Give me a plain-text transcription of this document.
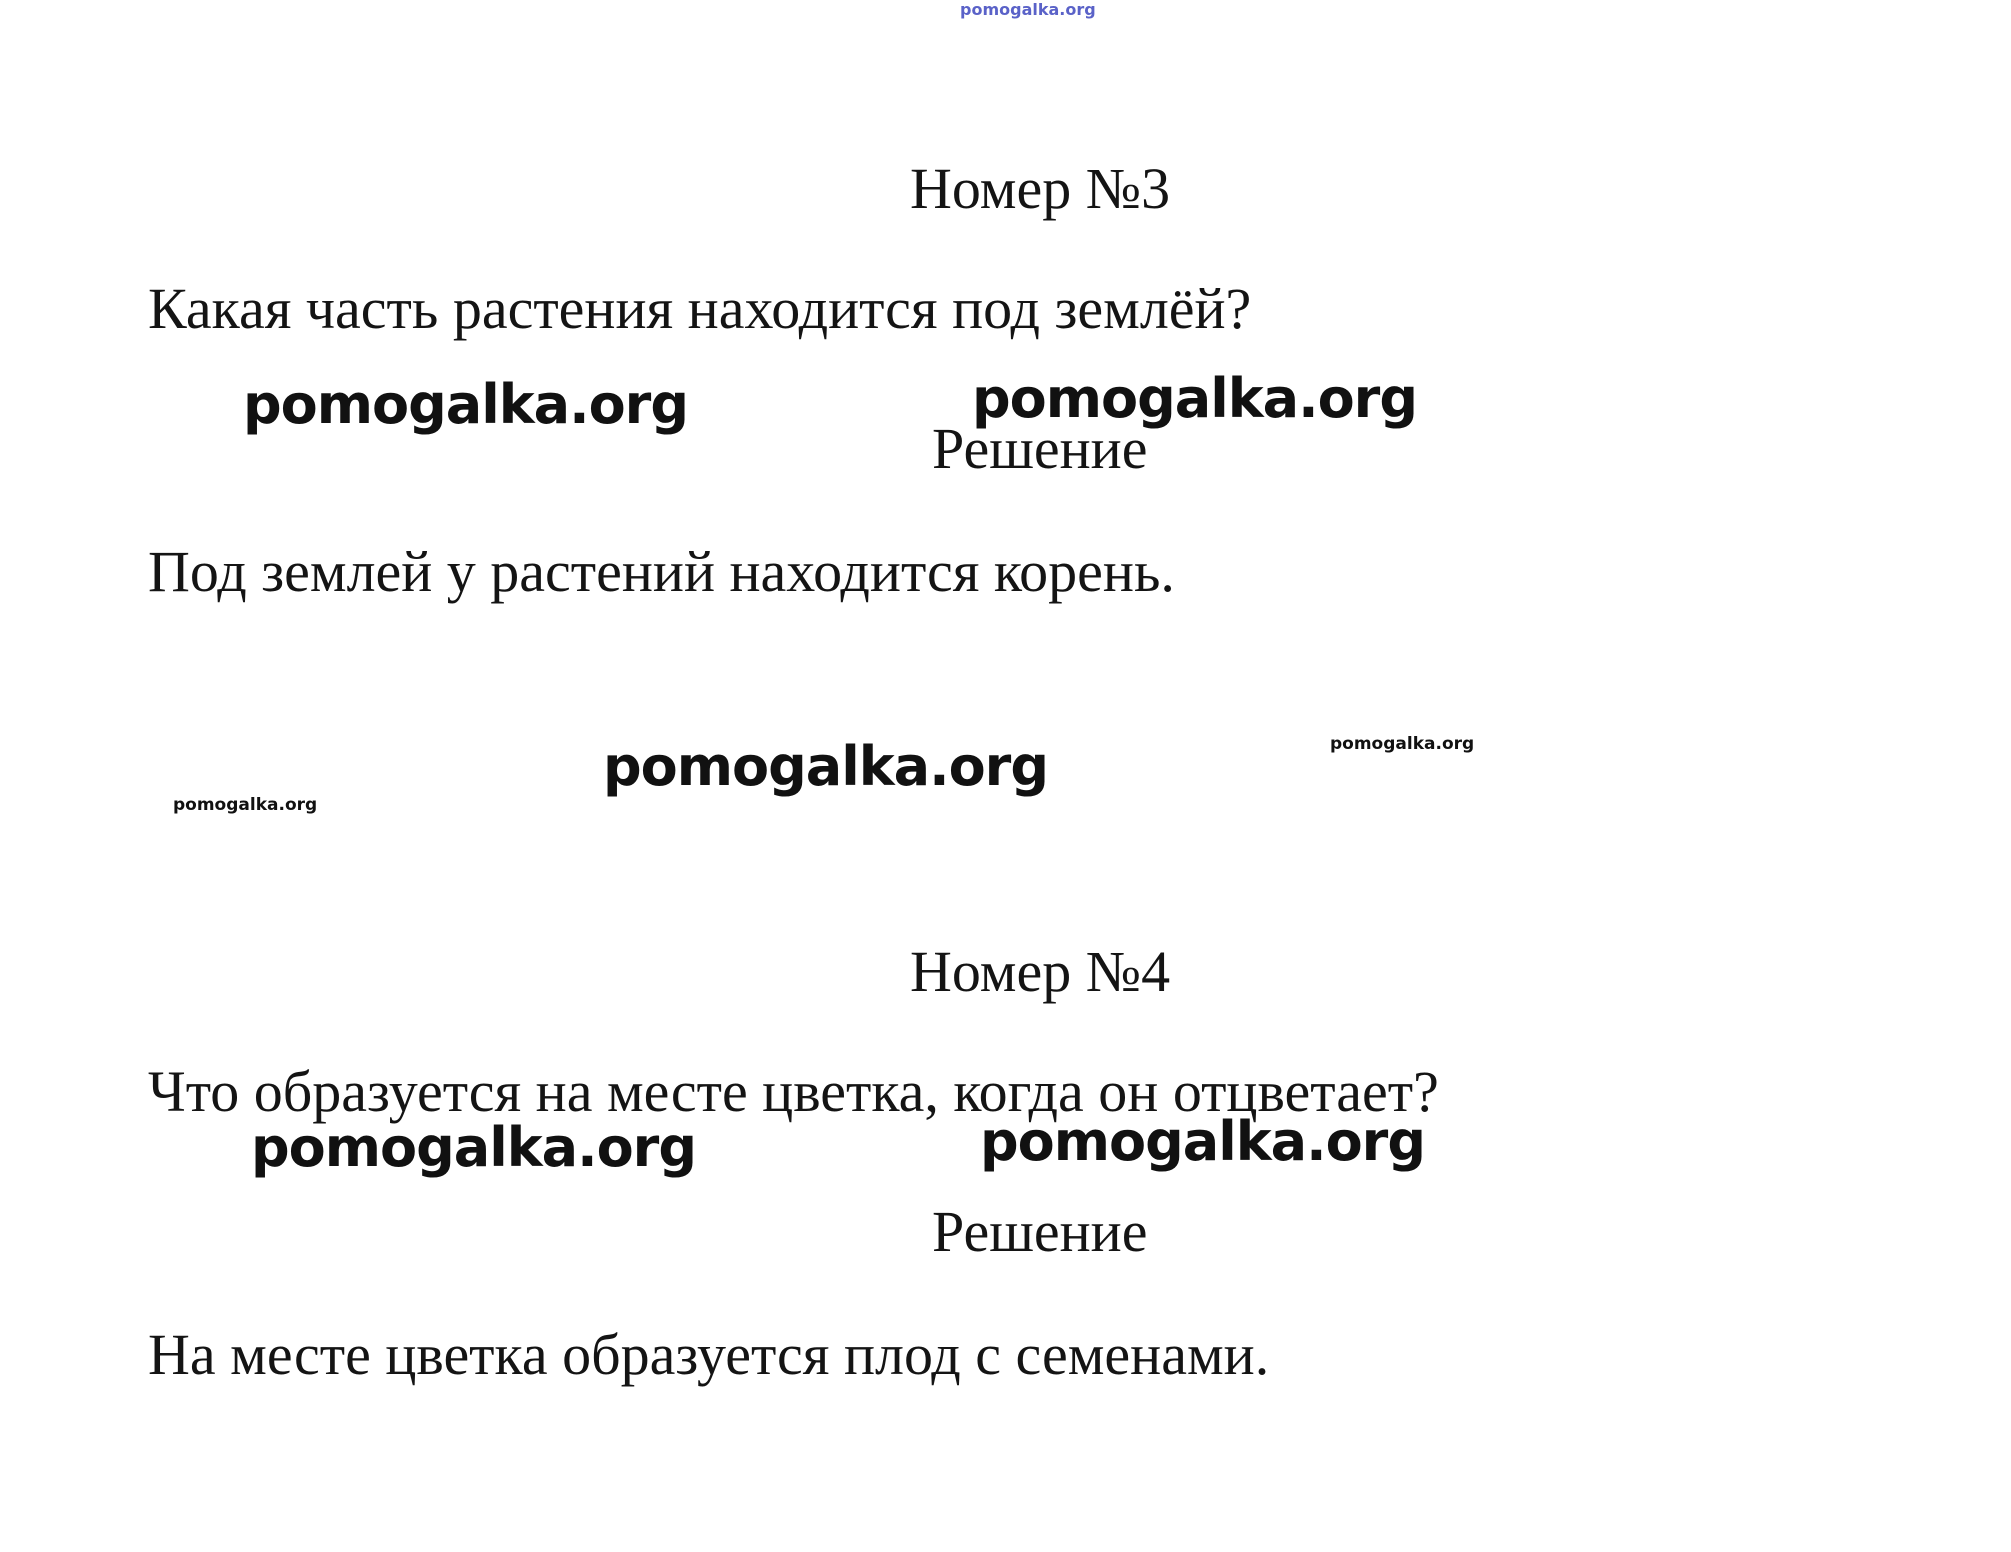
pomogalka.org
Номер №3
Какая часть растения находится под землёй?
pomogalka.org	pomogalka.org
Решение
Под землей у растений находится корень.
pomogalka.org	pomogalka.org
pomogalka.org
Номер №4
Что образуется на месте цветка, когда он отцветает?
pomogalka.org	pomogalka.org
Решение
На месте цветка образуется плод с семенами.
